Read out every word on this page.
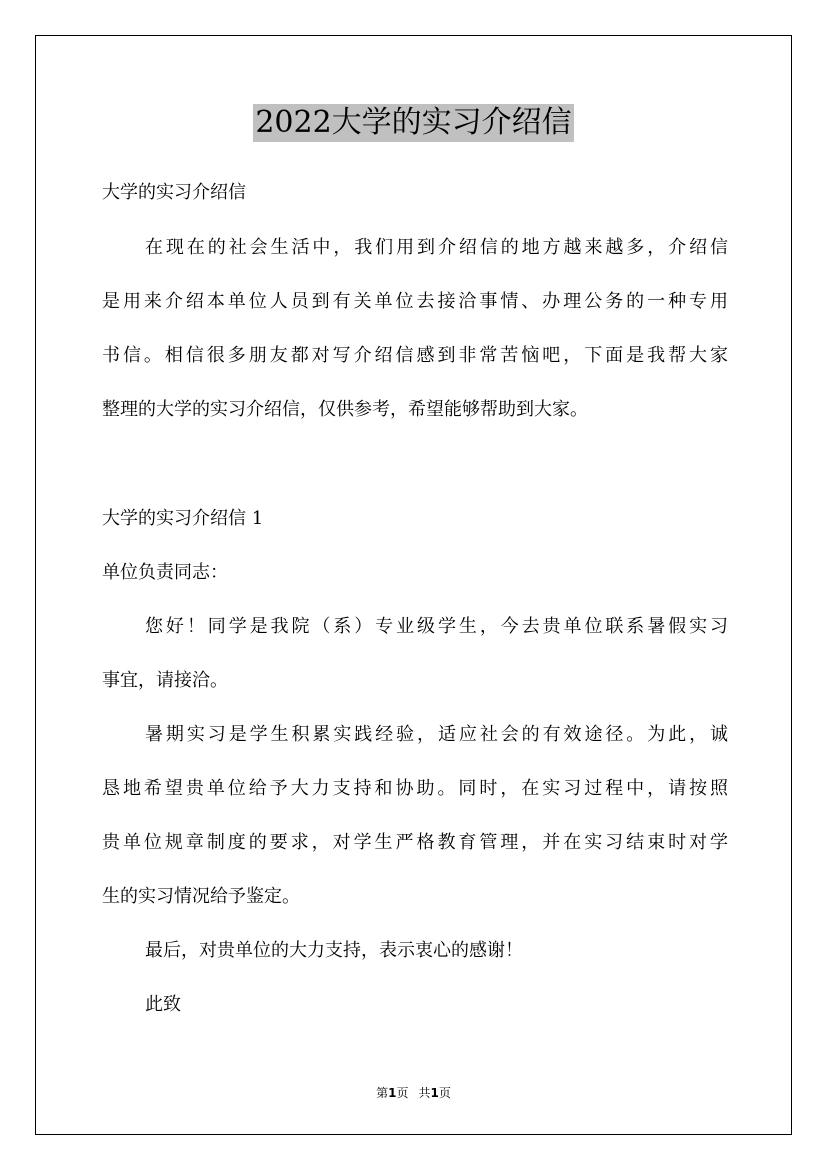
2022大学的实习介绍信
大学的实习介绍信
在现在的社会生活中，我们用到介绍信的地方越来越多，介绍信
是用来介绍本单位人员到有关单位去接洽事情、办理公务的一种专用
书信。相信很多朋友都对写介绍信感到非常苦恼吧，下面是我帮大家
整理的大学的实习介绍信，仅供参考，希望能够帮助到大家。
大学的实习介绍信 1
单位负责同志：
您好！同学是我院（系）专业级学生，今去贵单位联系暑假实习
事宜，请接洽。
暑期实习是学生积累实践经验，适应社会的有效途径。为此，诚
恳地希望贵单位给予大力支持和协助。同时，在实习过程中，请按照
贵单位规章制度的要求，对学生严格教育管理，并在实习结束时对学
生的实习情况给予鉴定。
最后，对贵单位的大力支持，表示衷心的感谢！
此致
第1页 共1页
